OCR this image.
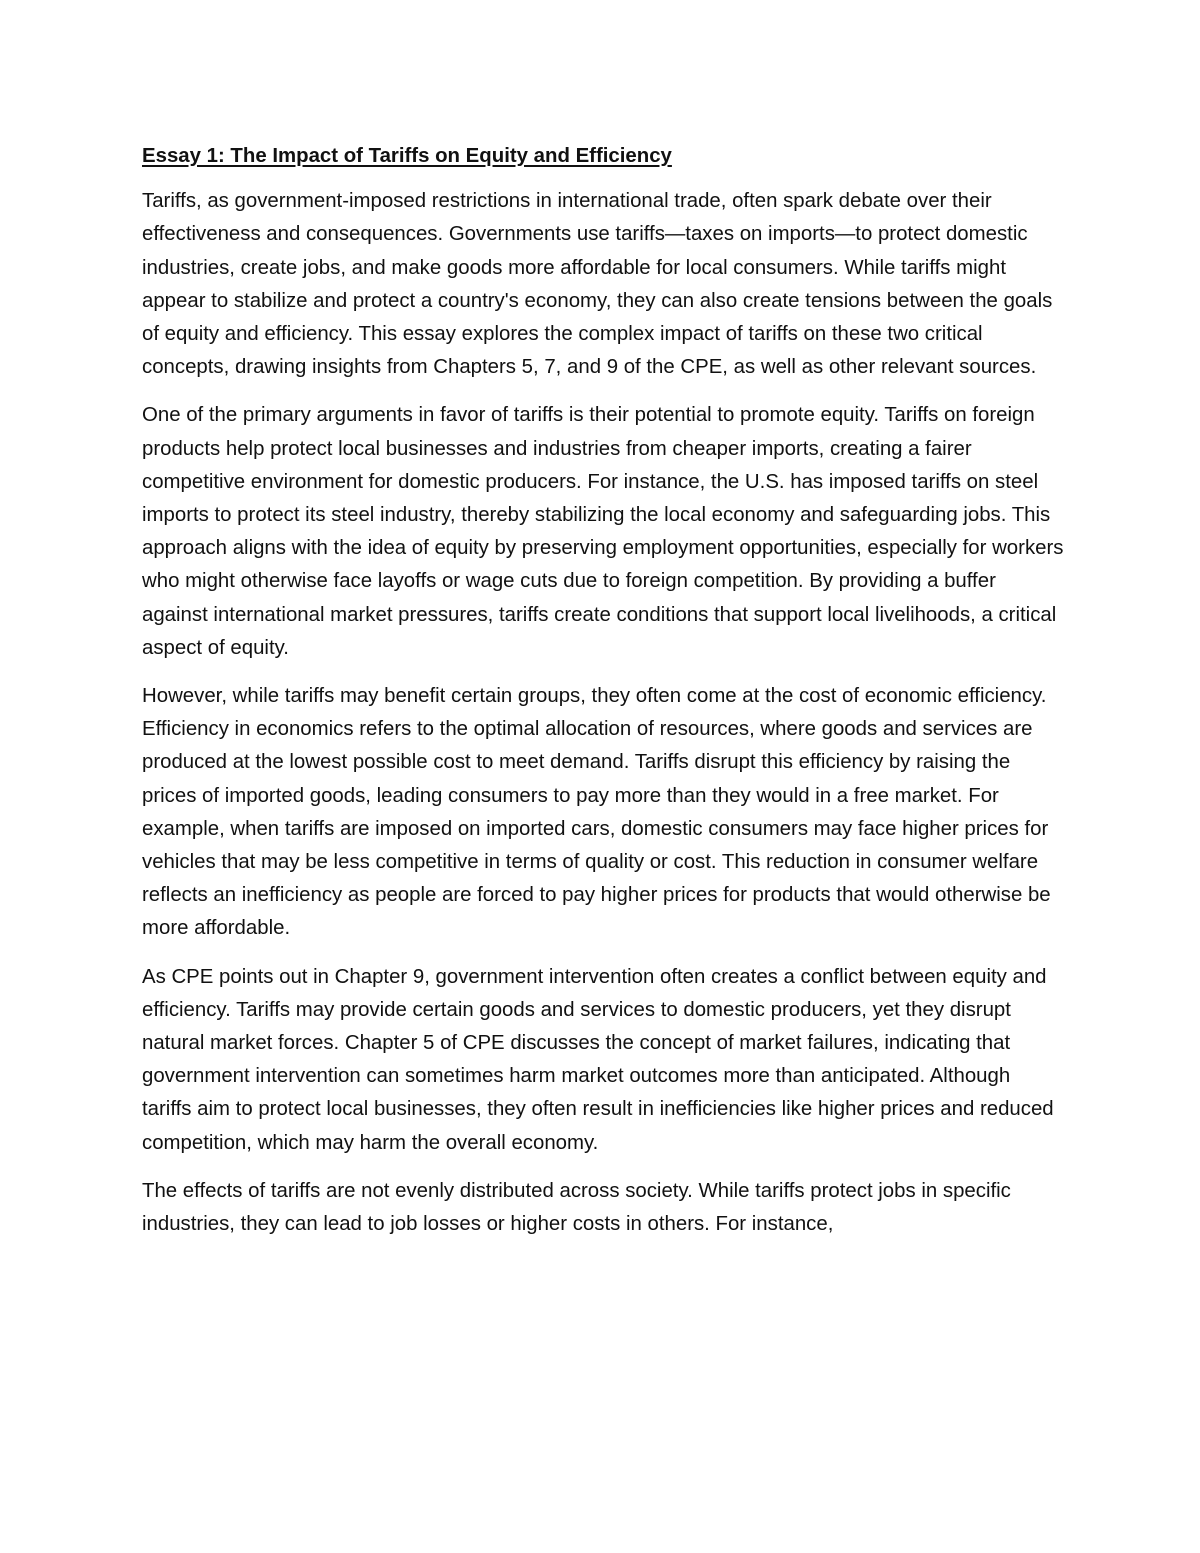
Essay 1: The Impact of Tariffs on Equity and Efficiency

Tariffs, as government-imposed restrictions in international trade, often spark debate over their effectiveness and consequences. Governments use tariffs—taxes on imports—to protect domestic industries, create jobs, and make goods more affordable for local consumers. While tariffs might appear to stabilize and protect a country's economy, they can also create tensions between the goals of equity and efficiency. This essay explores the complex impact of tariffs on these two critical concepts, drawing insights from Chapters 5, 7, and 9 of the CPE, as well as other relevant sources.

One of the primary arguments in favor of tariffs is their potential to promote equity. Tariffs on foreign products help protect local businesses and industries from cheaper imports, creating a fairer competitive environment for domestic producers. For instance, the U.S. has imposed tariffs on steel imports to protect its steel industry, thereby stabilizing the local economy and safeguarding jobs. This approach aligns with the idea of equity by preserving employment opportunities, especially for workers who might otherwise face layoffs or wage cuts due to foreign competition. By providing a buffer against international market pressures, tariffs create conditions that support local livelihoods, a critical aspect of equity.

However, while tariffs may benefit certain groups, they often come at the cost of economic efficiency. Efficiency in economics refers to the optimal allocation of resources, where goods and services are produced at the lowest possible cost to meet demand. Tariffs disrupt this efficiency by raising the prices of imported goods, leading consumers to pay more than they would in a free market. For example, when tariffs are imposed on imported cars, domestic consumers may face higher prices for vehicles that may be less competitive in terms of quality or cost. This reduction in consumer welfare reflects an inefficiency as people are forced to pay higher prices for products that would otherwise be more affordable.

As CPE points out in Chapter 9, government intervention often creates a conflict between equity and efficiency. Tariffs may provide certain goods and services to domestic producers, yet they disrupt natural market forces. Chapter 5 of CPE discusses the concept of market failures, indicating that government intervention can sometimes harm market outcomes more than anticipated. Although tariffs aim to protect local businesses, they often result in inefficiencies like higher prices and reduced competition, which may harm the overall economy.

The effects of tariffs are not evenly distributed across society. While tariffs protect jobs in specific industries, they can lead to job losses or higher costs in others. For instance,
